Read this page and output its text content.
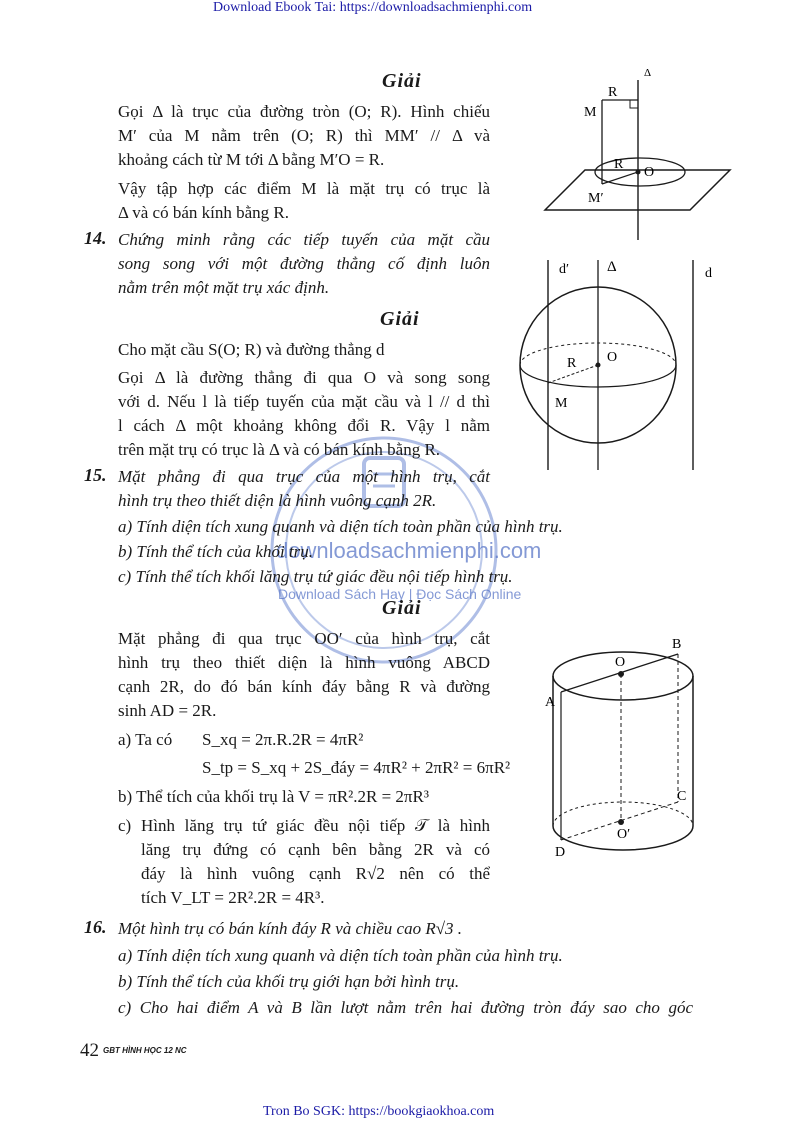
Download Ebook Tai: https://downloadsachmienphi.com
Tron Bo SGK: https://bookgiaokhoa.com
downloadsachmienphi.com
Download Sách Hay | Đọc Sách Online
Giải
Gọi Δ là trục của đường tròn (O; R). Hình chiếu
M′ của M nằm trên (O; R) thì MM′ // Δ và
khoảng cách từ M tới Δ bằng M′O = R.
Vậy tập hợp các điểm M là mặt trụ có trục là
Δ và có bán kính bằng R.
14. Chứng minh rằng các tiếp tuyến của mặt cầu
song song với một đường thẳng cố định luôn
nằm trên một mặt trụ xác định.
Giải
Cho mặt cầu S(O; R) và đường thẳng d
Gọi Δ là đường thẳng đi qua O và song song
với d. Nếu l là tiếp tuyến của mặt cầu và l // d thì
l cách Δ một khoảng không đổi R. Vậy l nằm
trên mặt trụ có trục là Δ và có bán kính bằng R.
15. Mặt phẳng đi qua trục của một hình trụ, cắt
hình trụ theo thiết diện là hình vuông cạnh 2R.
a) Tính diện tích xung quanh và diện tích toàn phần của hình trụ.
b) Tính thể tích của khối trụ.
c) Tính thể tích khối lăng trụ tứ giác đều nội tiếp hình trụ.
Giải
Mặt phẳng đi qua trục OO′ của hình trụ, cắt
hình trụ theo thiết diện là hình vuông ABCD
cạnh 2R, do đó bán kính đáy bằng R và đường
sinh AD = 2R.
a) Ta có S_xq = 2π.R.2R = 4πR²
S_tp = S_xq + 2S_đáy = 4πR² + 2πR² = 6πR²
b) Thể tích của khối trụ là V = πR².2R = 2πR³
c) Hình lăng trụ tứ giác đều nội tiếp 𝒯 là hình
lăng trụ đứng có cạnh bên bằng 2R và có
đáy là hình vuông cạnh R√2 nên có thể
tích V_LT = 2R².2R = 4R³.
16. Một hình trụ có bán kính đáy R và chiều cao R√3 .
a) Tính diện tích xung quanh và diện tích toàn phần của hình trụ.
b) Tính thể tích của khối trụ giới hạn bởi hình trụ.
c) Cho hai điểm A và B lần lượt nằm trên hai đường tròn đáy sao cho góc
42 GBT HÌNH HỌC 12 NC
M
R
R
O
M′
Δ
d′	Δ	d
R O
M
O
B
A
C
O′
D
